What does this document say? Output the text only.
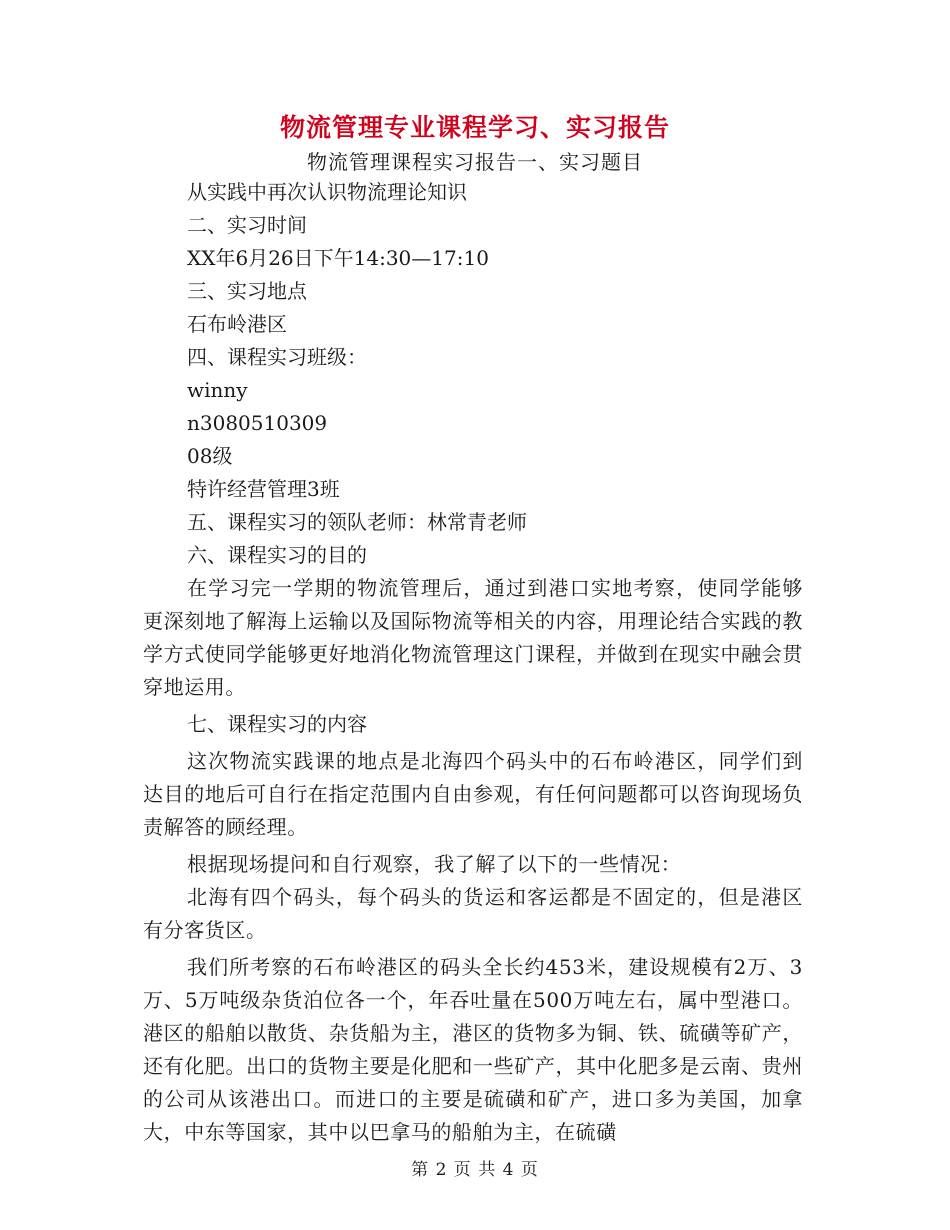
物流管理专业课程学习、实习报告
物流管理课程实习报告一、实习题目
从实践中再次认识物流理论知识
二、实习时间
XX年6月26日下午14:30—17:10
三、实习地点
石布岭港区
四、课程实习班级：
winny
n3080510309
08级
特许经营管理3班
五、课程实习的领队老师：林常青老师
六、课程实习的目的
在学习完一学期的物流管理后，通过到港口实地考察，使同学能够更深刻地了解海上运输以及国际物流等相关的内容，用理论结合实践的教学方式使同学能够更好地消化物流管理这门课程，并做到在现实中融会贯穿地运用。
七、课程实习的内容
这次物流实践课的地点是北海四个码头中的石布岭港区，同学们到达目的地后可自行在指定范围内自由参观，有任何问题都可以咨询现场负责解答的顾经理。
根据现场提问和自行观察，我了解了以下的一些情况：
北海有四个码头，每个码头的货运和客运都是不固定的，但是港区有分客货区。
我们所考察的石布岭港区的码头全长约453米，建设规模有2万、3万、5万吨级杂货泊位各一个，年吞吐量在500万吨左右，属中型港口。港区的船舶以散货、杂货船为主，港区的货物多为铜、铁、硫磺等矿产，还有化肥。出口的货物主要是化肥和一些矿产，其中化肥多是云南、贵州的公司从该港出口。而进口的主要是硫磺和矿产，进口多为美国，加拿大，中东等国家，其中以巴拿马的船舶为主，在硫磺
第 2 页 共 4 页
